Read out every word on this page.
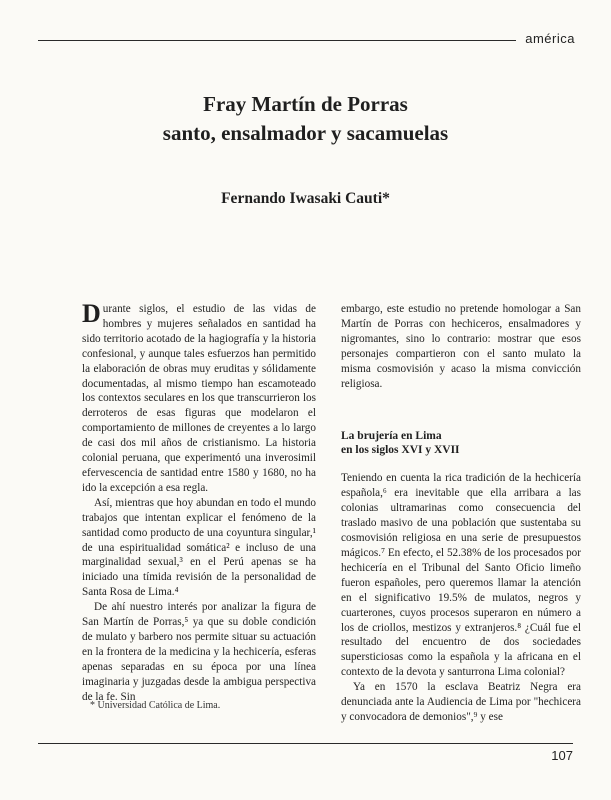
américa
Fray Martín de Porras
santo, ensalmador y sacamuelas
Fernando Iwasaki Cauti*

Durante siglos, el estudio de las vidas de hombres y mujeres señalados en santidad ha sido territorio acotado de la hagiografía y la historia confesional, y aunque tales esfuerzos han permitido la elaboración de obras muy eruditas y sólidamente documentadas, al mismo tiempo han escamoteado los contextos seculares en los que transcurrieron los derroteros de esas figuras que modelaron el comportamiento de millones de creyentes a lo largo de casi dos mil años de cristianismo. La historia colonial peruana, que experimentó una inverosimil efervescencia de santidad entre 1580 y 1680, no ha ido la excepción a esa regla.

Así, mientras que hoy abundan en todo el mundo trabajos que intentan explicar el fenómeno de la santidad como producto de una coyuntura singular,¹ de una espiritualidad somática² e incluso de una marginalidad sexual,³ en el Perú apenas se ha iniciado una tímida revisión de la personalidad de Santa Rosa de Lima.⁴

De ahí nuestro interés por analizar la figura de San Martín de Porras,⁵ ya que su doble condición de mulato y barbero nos permite situar su actuación en la frontera de la medicina y la hechicería, esferas apenas separadas en su época por una línea imaginaria y juzgadas desde la ambigua perspectiva de la fe. Sin

embargo, este estudio no pretende homologar a San Martín de Porras con hechiceros, ensalmadores y nigromantes, sino lo contrario: mostrar que esos personajes compartieron con el santo mulato la misma cosmovisión y acaso la misma convicción religiosa.

La brujería en Lima
en los siglos XVI y XVII

Teniendo en cuenta la rica tradición de la hechicería española,⁶ era inevitable que ella arribara a las colonias ultramarinas como consecuencia del traslado masivo de una población que sustentaba su cosmovisión religiosa en una serie de presupuestos mágicos.⁷ En efecto, el 52.38% de los procesados por hechicería en el Tribunal del Santo Oficio limeño fueron españoles, pero queremos llamar la atención en el significativo 19.5% de mulatos, negros y cuarterones, cuyos procesos superaron en número a los de criollos, mestizos y extranjeros.⁸ ¿Cuál fue el resultado del encuentro de dos sociedades supersticiosas como la española y la africana en el contexto de la devota y santurrona Lima colonial?

Ya en 1570 la esclava Beatriz Negra era denunciada ante la Audiencia de Lima por "hechicera y convocadora de demonios",⁹ y ese

* Universidad Católica de Lima.
107
